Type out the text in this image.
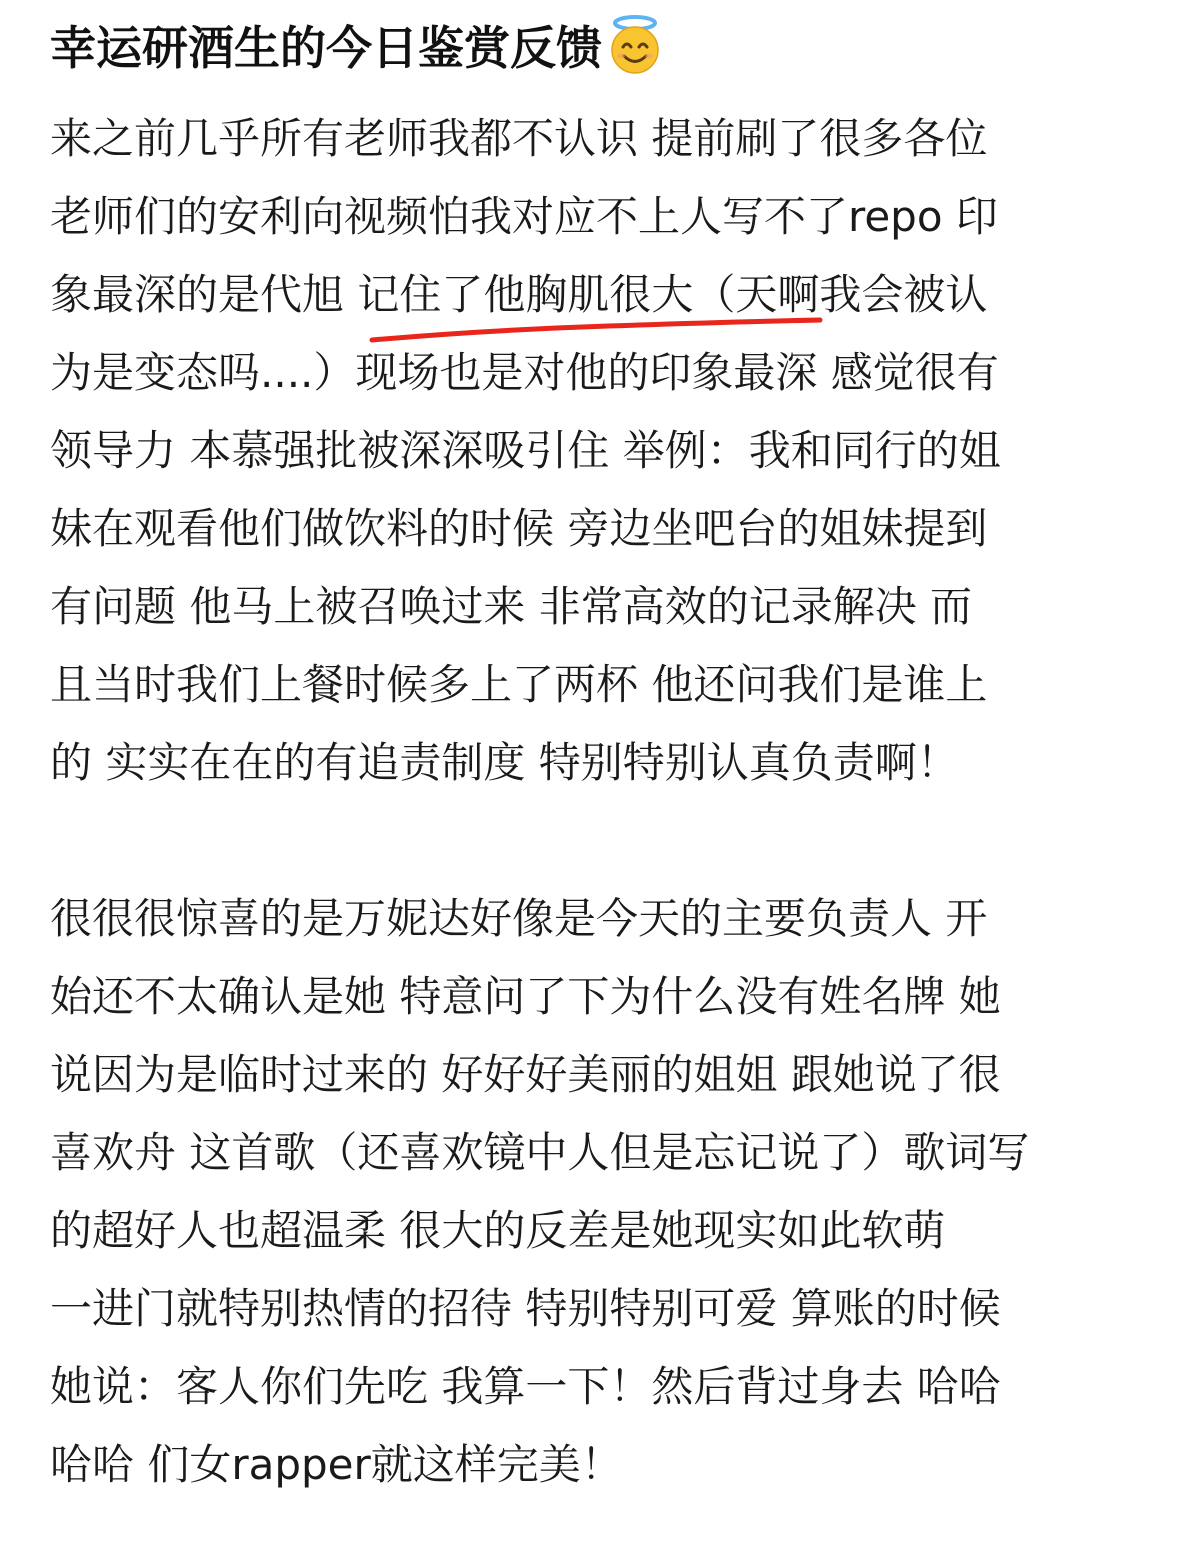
幸运研酒生的今日鉴赏反馈
来之前几乎所有老师我都不认识 提前刷了很多各位
老师们的安利向视频怕我对应不上人写不了repo 印
象最深的是代旭 记住了他胸肌很大（天啊我会被认
为是变态吗....）现场也是对他的印象最深 感觉很有
领导力 本慕强批被深深吸引住 举例：我和同行的姐
妹在观看他们做饮料的时候 旁边坐吧台的姐妹提到
有问题 他马上被召唤过来 非常高效的记录解决 而
且当时我们上餐时候多上了两杯 他还问我们是谁上
的 实实在在的有追责制度 特别特别认真负责啊！
很很很惊喜的是万妮达好像是今天的主要负责人 开
始还不太确认是她 特意问了下为什么没有姓名牌 她
说因为是临时过来的 好好好美丽的姐姐 跟她说了很
喜欢舟 这首歌（还喜欢镜中人但是忘记说了）歌词写
的超好人也超温柔 很大的反差是她现实如此软萌
一进门就特别热情的招待 特别特别可爱 算账的时候
她说：客人你们先吃 我算一下！然后背过身去 哈哈
哈哈 们女rapper就这样完美！
